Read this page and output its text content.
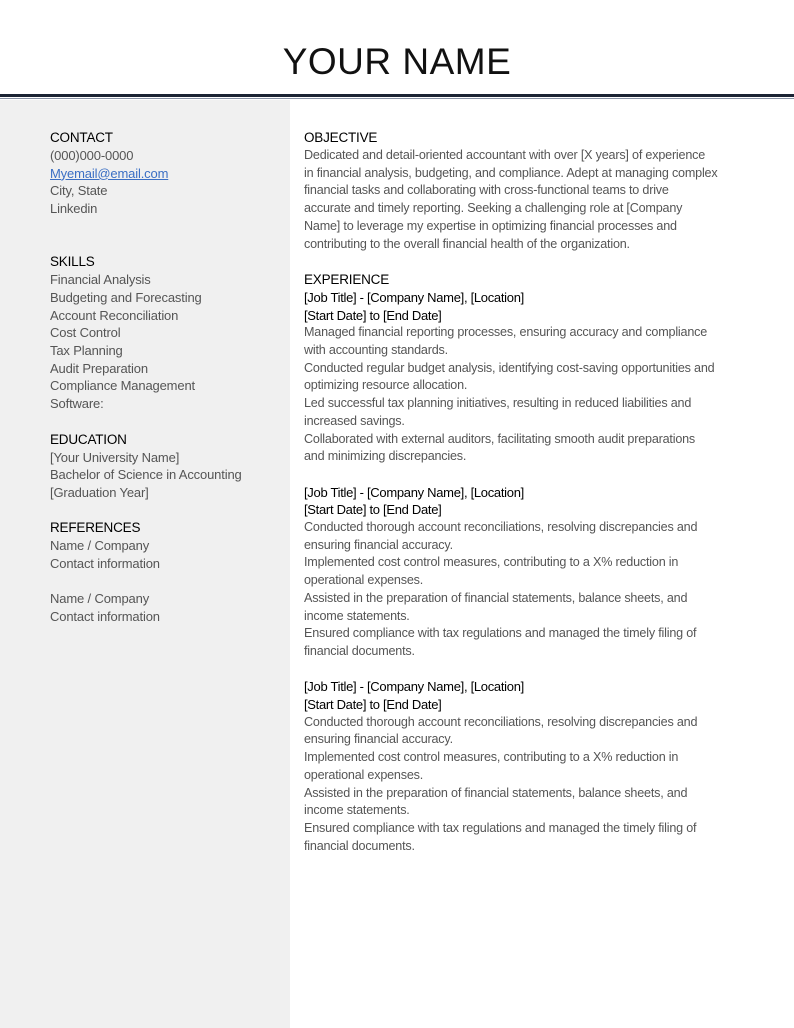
YOUR NAME
CONTACT
(000)000-0000
Myemail@email.com
City, State
Linkedin
SKILLS
Financial Analysis
Budgeting and Forecasting
Account Reconciliation
Cost Control
Tax Planning
Audit Preparation
Compliance Management
Software:
EDUCATION
[Your University Name]
Bachelor of Science in Accounting
[Graduation Year]
REFERENCES
Name / Company
Contact information
Name / Company
Contact information
OBJECTIVE
Dedicated and detail-oriented accountant with over [X years] of experience
in financial analysis, budgeting, and compliance. Adept at managing complex
financial tasks and collaborating with cross-functional teams to drive
accurate and timely reporting. Seeking a challenging role at [Company
Name] to leverage my expertise in optimizing financial processes and
contributing to the overall financial health of the organization.
EXPERIENCE
[Job Title] - [Company Name], [Location]
[Start Date] to [End Date]
Managed financial reporting processes, ensuring accuracy and compliance
with accounting standards.
Conducted regular budget analysis, identifying cost-saving opportunities and
optimizing resource allocation.
Led successful tax planning initiatives, resulting in reduced liabilities and
increased savings.
Collaborated with external auditors, facilitating smooth audit preparations
and minimizing discrepancies.
[Job Title] - [Company Name], [Location]
[Start Date] to [End Date]
Conducted thorough account reconciliations, resolving discrepancies and
ensuring financial accuracy.
Implemented cost control measures, contributing to a X% reduction in
operational expenses.
Assisted in the preparation of financial statements, balance sheets, and
income statements.
Ensured compliance with tax regulations and managed the timely filing of
financial documents.
[Job Title] - [Company Name], [Location]
[Start Date] to [End Date]
Conducted thorough account reconciliations, resolving discrepancies and
ensuring financial accuracy.
Implemented cost control measures, contributing to a X% reduction in
operational expenses.
Assisted in the preparation of financial statements, balance sheets, and
income statements.
Ensured compliance with tax regulations and managed the timely filing of
financial documents.
